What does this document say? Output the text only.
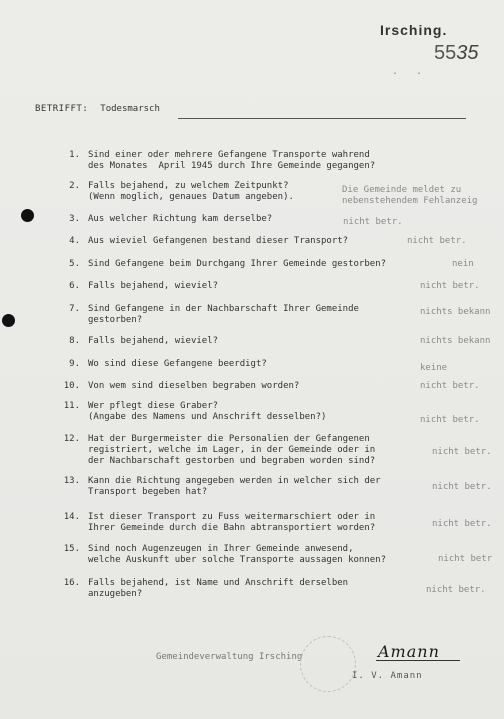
Irsching.
5535
. .
BETRIFFT: Todesmarsch
1. Sind einer oder mehrere Gefangene Transporte wahrend
des Monates  April 1945 durch Ihre Gemeinde gegangen?
2. Falls bejahend, zu welchem Zeitpunkt?
(Wenn moglich, genaues Datum angeben).
Die Gemeinde meldet zu
nebenstehendem Fehlanzeig
3. Aus welcher Richtung kam derselbe?	nicht betr.
4. Aus wieviel Gefangenen bestand dieser Transport?	nicht betr.
5. Sind Gefangene beim Durchgang Ihrer Gemeinde gestorben?	nein
6. Falls bejahend, wieviel?	nicht betr.
7. Sind Gefangene in der Nachbarschaft Ihrer Gemeinde
gestorben?
nichts bekann
8. Falls bejahend, wieviel?	nichts bekann
9. Wo sind diese Gefangene beerdigt?	keine
10. Von wem sind dieselben begraben worden?	nicht betr.
11. Wer pflegt diese Graber?
(Angabe des Namens und Anschrift desselben?)	nicht betr.
12. Hat der Burgermeister die Personalien der Gefangenen
registriert, welche im Lager, in der Gemeinde oder in
der Nachbarschaft gestorben und begraben worden sind?
nicht betr.
13. Kann die Richtung angegeben werden in welcher sich der
Transport begeben hat?	nicht betr.
14. Ist dieser Transport zu Fuss weitermarschiert oder in
Ihrer Gemeinde durch die Bahn abtransportiert worden?	nicht betr.
15. Sind noch Augenzeugen in Ihrer Gemeinde anwesend,
welche Auskunft uber solche Transporte aussagen konnen?	nicht betr
16. Falls bejahend, ist Name und Anschrift derselben
anzugeben?	nicht betr.
Gemeindeverwaltung Irsching	Amann
I. V. Amann
